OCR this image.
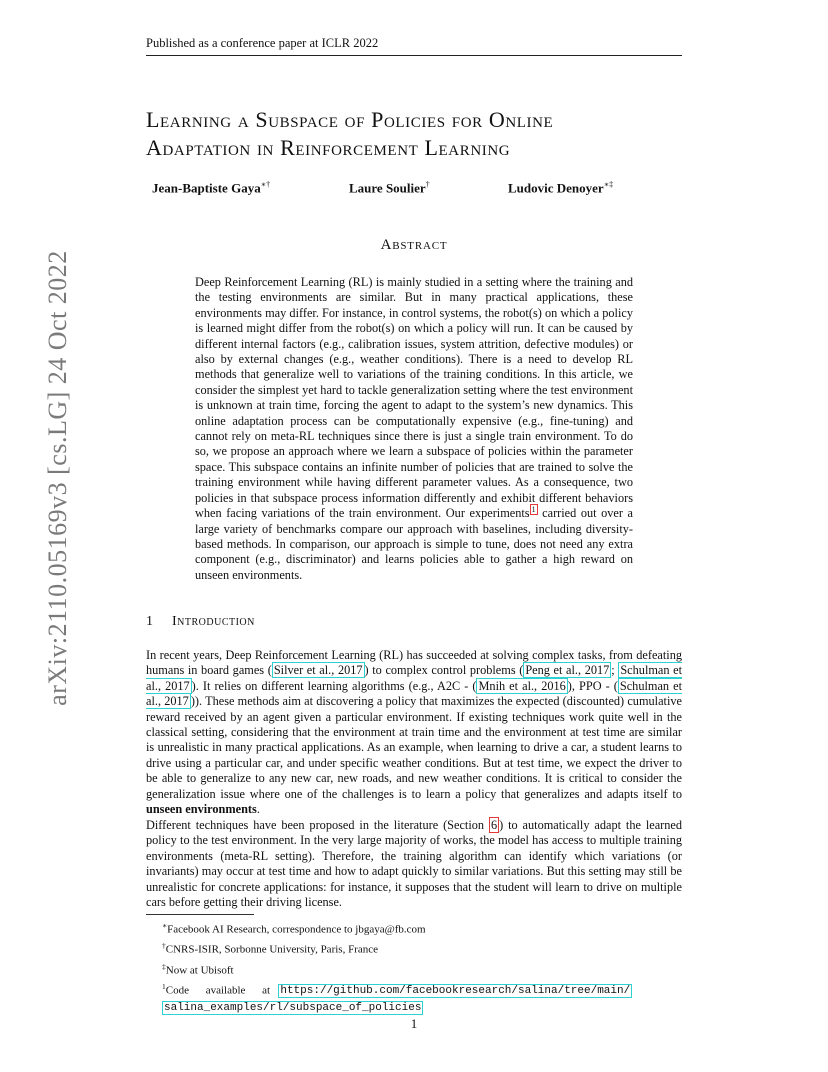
Published as a conference paper at ICLR 2022
arXiv:2110.05169v3 [cs.LG] 24 Oct 2022
Learning a Subspace of Policies for Online
Adaptation in Reinforcement Learning
Jean-Baptiste Gaya∗†	Laure Soulier†	Ludovic Denoyer∗‡
Abstract

Deep Reinforcement Learning (RL) is mainly studied in a setting where the training and the testing environments are similar. But in many practical applications, these environments may differ. For instance, in control systems, the robot(s) on which a policy is learned might differ from the robot(s) on which a policy will run. It can be caused by different internal factors (e.g., calibration issues, system attrition, defective modules) or also by external changes (e.g., weather conditions). There is a need to develop RL methods that generalize well to variations of the training conditions. In this article, we consider the simplest yet hard to tackle generalization setting where the test environment is unknown at train time, forcing the agent to adapt to the system’s new dynamics. This online adaptation process can be computationally expensive (e.g., fine-tuning) and cannot rely on meta-RL techniques since there is just a single train environment. To do so, we propose an approach where we learn a subspace of policies within the parameter space. This subspace contains an infinite number of policies that are trained to solve the training environment while having different parameter values. As a consequence, two policies in that subspace process information differently and exhibit different behaviors when facing variations of the train environment. Our experiments $^1$ carried out over a large variety of benchmarks compare our approach with baselines, including diversity-based methods. In comparison, our approach is simple to tune, does not need any extra component (e.g., discriminator) and learns policies able to gather a high reward on unseen environments.

1 Introduction

In recent years, Deep Reinforcement Learning (RL) has succeeded at solving complex tasks, from defeating humans in board games ( Silver et al., 2017 ) to complex control problems ( Peng et al., 2017 ; Schulman et al., 2017 ). It relies on different learning algorithms (e.g., A2C - ( Mnih et al., 2016 ), PPO - ( Schulman et al., 2017 )). These methods aim at discovering a policy that maximizes the expected (discounted) cumulative reward received by an agent given a particular environment. If existing techniques work quite well in the classical setting, considering that the environment at train time and the environment at test time are similar is unrealistic in many practical applications. As an example, when learning to drive a car, a student learns to drive using a particular car, and under specific weather conditions. But at test time, we expect the driver to be able to generalize to any new car, new roads, and new weather conditions. It is critical to consider the generalization issue where one of the challenges is to learn a policy that generalizes and adapts itself to unseen environments.

Different techniques have been proposed in the literature (Section 6 ) to automatically adapt the learned policy to the test environment. In the very large majority of works, the model has access to multiple training environments (meta-RL setting). Therefore, the training algorithm can identify which variations (or invariants) may occur at test time and how to adapt quickly to similar variations. But this setting may still be unrealistic for concrete applications: for instance, it supposes that the student will learn to drive on multiple cars before getting their driving license.

∗Facebook AI Research, correspondence to jbgaya@fb.com
†CNRS-ISIR, Sorbonne University, Paris, France
‡Now at Ubisoft
$^1$Code available at https://github.com/facebookresearch/salina/tree/main/
salina_examples/rl/subspace_of_policies
1
